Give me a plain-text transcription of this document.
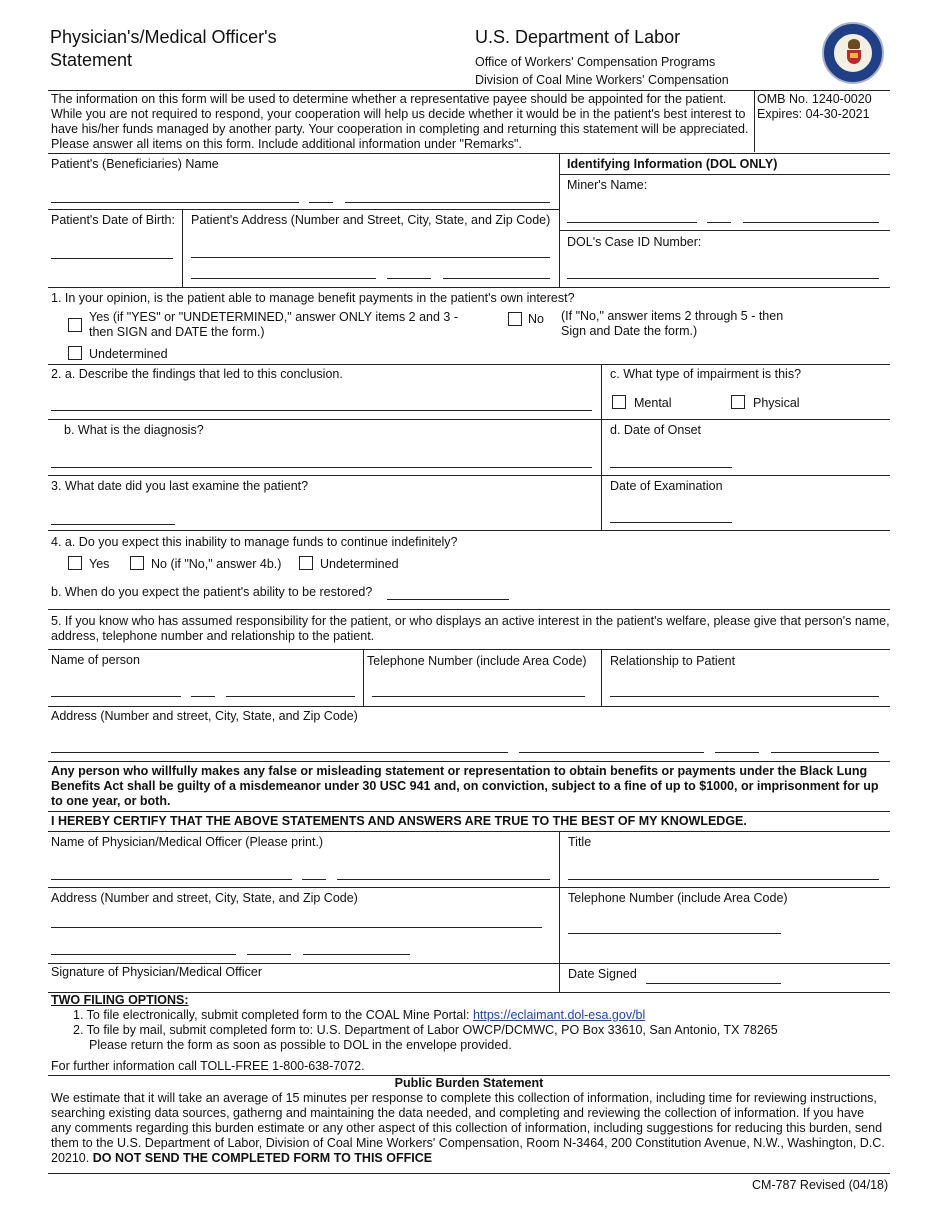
Physician's/Medical Officer's
Statement
U.S. Department of Labor
Office of Workers' Compensation Programs
Division of Coal Mine Workers' Compensation
The information on this form will be used to determine whether a representative payee should be appointed for the patient.
While you are not required to respond, your cooperation will help us decide whether it would be in the patient's best interest to
have his/her funds managed by another party. Your cooperation in completing and returning this statement will be appreciated.
Please answer all items on this form. Include additional information under "Remarks".
OMB No. 1240-0020
Expires: 04-30-2021
Patient's (Beneficiaries) Name
Patient's Date of Birth: Patient's Address (Number and Street, City, State, and Zip Code)
Identifying Information (DOL ONLY)
Miner's Name:
DOL's Case ID Number:
1. In your opinion, is the patient able to manage benefit payments in the patient's own interest?
Yes (if "YES" or "UNDETERMINED," answer ONLY items 2 and 3 -
then SIGN and DATE the form.)
No (If "No," answer items 2 through 5 - then
Sign and Date the form.)
Undetermined
2. a. Describe the findings that led to this conclusion.	c. What type of impairment is this?
Mental	Physical
b. What is the diagnosis?	d. Date of Onset
3. What date did you last examine the patient?	Date of Examination
4. a. Do you expect this inability to manage funds to continue indefinitely?
Yes	No (if "No," answer 4b.)	Undetermined
b. When do you expect the patient's ability to be restored?
5. If you know who has assumed responsibility for the patient, or who displays an active interest in the patient's welfare, please give that person's name,
address, telephone number and relationship to the patient.
Name of person	Telephone Number (include Area Code) Relationship to Patient
Address (Number and street, City, State, and Zip Code)
Any person who willfully makes any false or misleading statement or representation to obtain benefits or payments under the Black Lung
Benefits Act shall be guilty of a misdemeanor under 30 USC 941 and, on conviction, subject to a fine of up to $1000, or imprisonment for up
to one year, or both.
I HEREBY CERTIFY THAT THE ABOVE STATEMENTS AND ANSWERS ARE TRUE TO THE BEST OF MY KNOWLEDGE.
Name of Physician/Medical Officer (Please print.)	Title
Address (Number and street, City, State, and Zip Code)	Telephone Number (include Area Code)
Signature of Physician/Medical Officer	Date Signed
TWO FILING OPTIONS:
1. To file electronically, submit completed form to the COAL Mine Portal: https://eclaimant.dol-esa.gov/bl
2. To file by mail, submit completed form to: U.S. Department of Labor OWCP/DCMWC, PO Box 33610, San Antonio, TX 78265
Please return the form as soon as possible to DOL in the envelope provided.
For further information call TOLL-FREE 1-800-638-7072.
Public Burden Statement
We estimate that it will take an average of 15 minutes per response to complete this collection of information, including time for reviewing instructions,
searching existing data sources, gatherng and maintaining the data needed, and completing and reviewing the collection of information. If you have
any comments regarding this burden estimate or any other aspect of this collection of information, including suggestions for reducing this burden, send
them to the U.S. Department of Labor, Division of Coal Mine Workers' Compensation, Room N-3464, 200 Constitution Avenue, N.W., Washington, D.C.
20210. DO NOT SEND THE COMPLETED FORM TO THIS OFFICE
CM-787 Revised (04/18)
